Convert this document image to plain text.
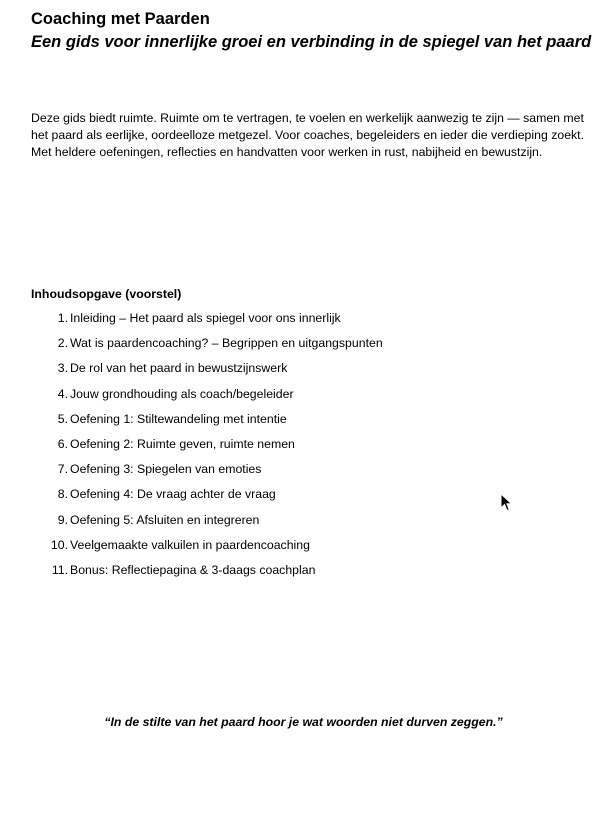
Coaching met Paarden
Een gids voor innerlijke groei en verbinding in de spiegel van het paard

Deze gids biedt ruimte. Ruimte om te vertragen, te voelen en werkelijk aanwezig te zijn — samen met het paard als eerlijke, oordeelloze metgezel. Voor coaches, begeleiders en ieder die verdieping zoekt. Met heldere oefeningen, reflecties en handvatten voor werken in rust, nabijheid en bewustzijn.

Inhoudsopgave (voorstel)
1. Inleiding – Het paard als spiegel voor ons innerlijk
2. Wat is paardencoaching? – Begrippen en uitgangspunten
3. De rol van het paard in bewustzijnswerk
4. Jouw grondhouding als coach/begeleider
5. Oefening 1: Stiltewandeling met intentie
6. Oefening 2: Ruimte geven, ruimte nemen
7. Oefening 3: Spiegelen van emoties
8. Oefening 4: De vraag achter de vraag
9. Oefening 5: Afsluiten en integreren
10. Veelgemaakte valkuilen in paardencoaching
11. Bonus: Reflectiepagina & 3-daags coachplan

“In de stilte van het paard hoor je wat woorden niet durven zeggen.”
